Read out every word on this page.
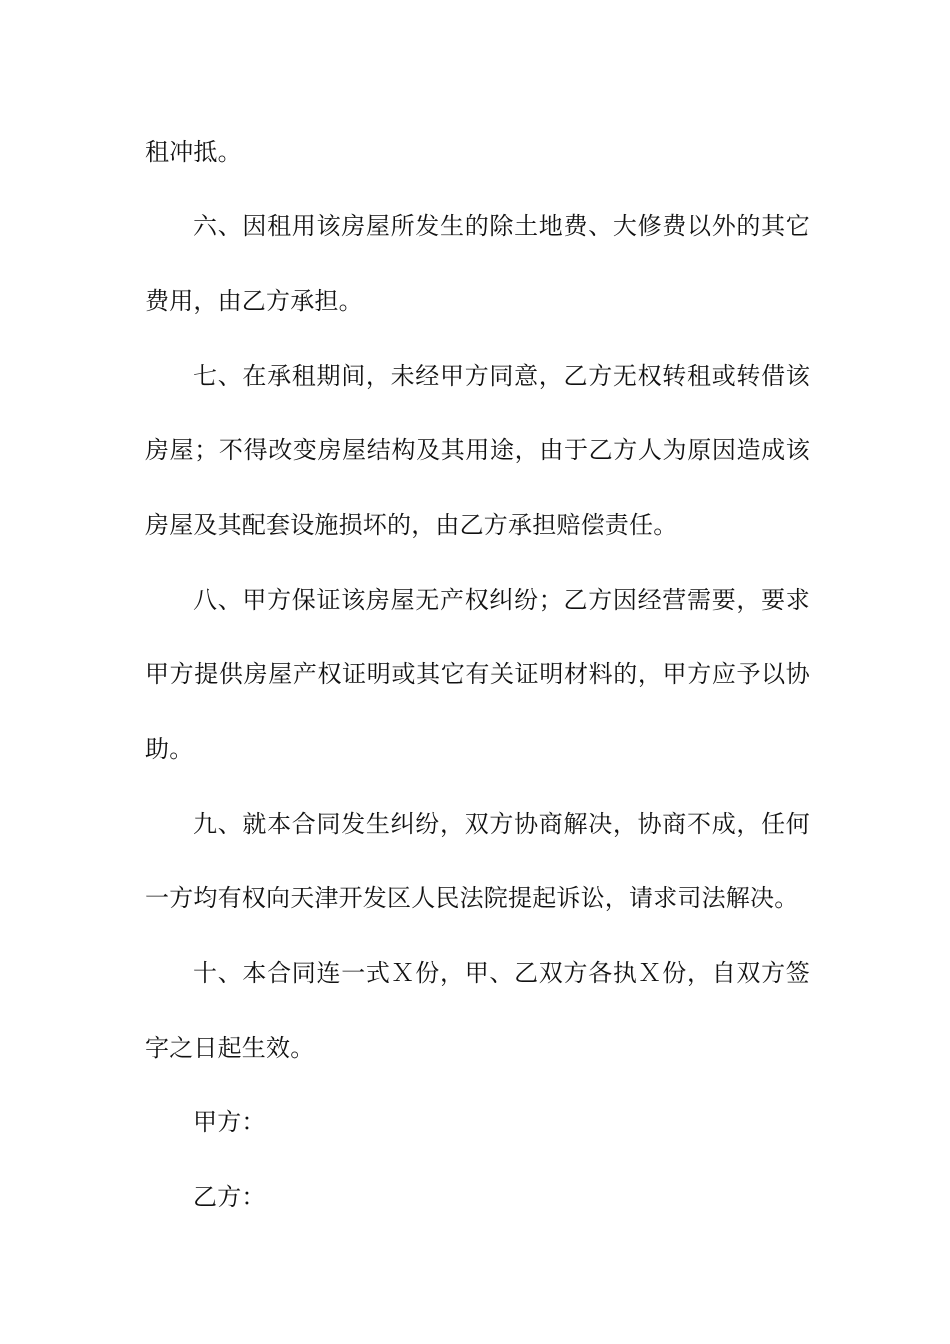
租冲抵。
六、因租用该房屋所发生的除土地费、大修费以外的其它
费用，由乙方承担。
七、在承租期间，未经甲方同意，乙方无权转租或转借该
房屋；不得改变房屋结构及其用途，由于乙方人为原因造成该
房屋及其配套设施损坏的，由乙方承担赔偿责任。
八、甲方保证该房屋无产权纠纷；乙方因经营需要，要求
甲方提供房屋产权证明或其它有关证明材料的，甲方应予以协
助。
九、就本合同发生纠纷，双方协商解决，协商不成，任何
一方均有权向天津开发区人民法院提起诉讼，请求司法解决。
十、本合同连一式Ｘ份，甲、乙双方各执Ｘ份，自双方签
字之日起生效。
甲方：
乙方：
